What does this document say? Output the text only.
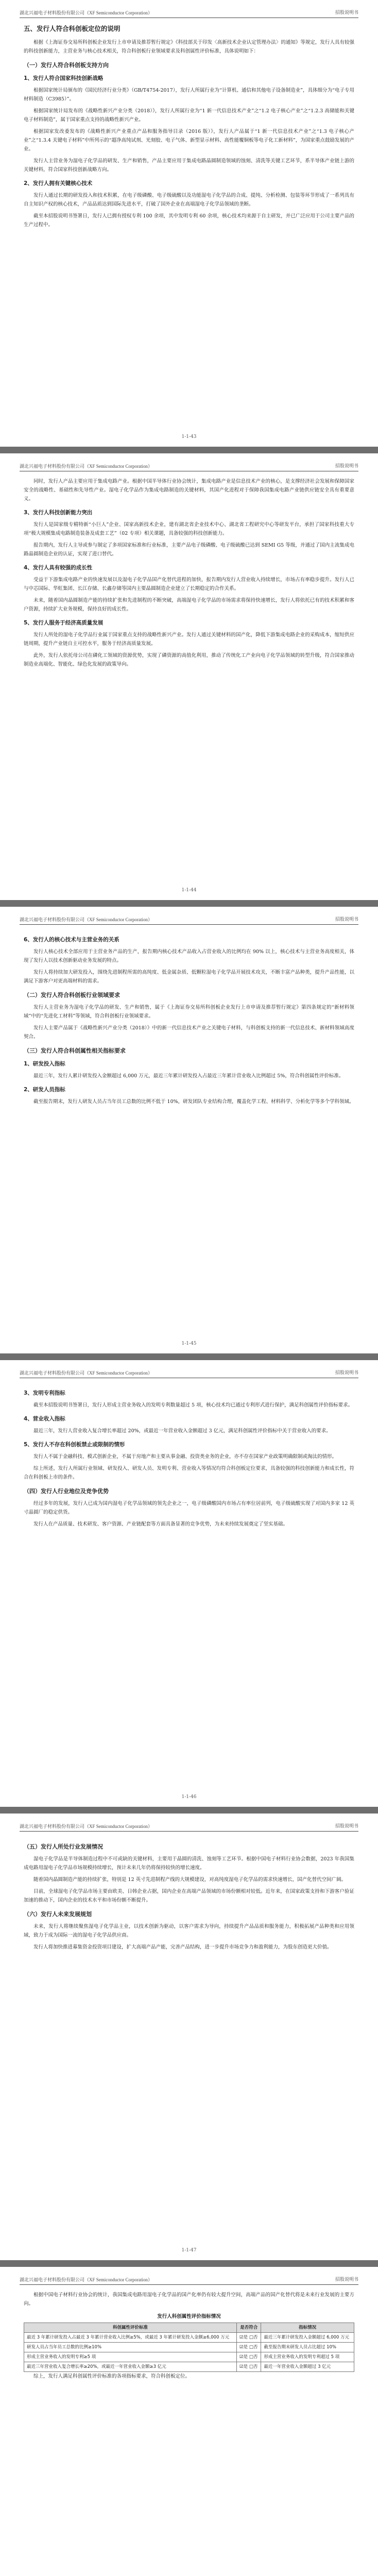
湖北兴福电子材料股份有限公司（XF Semiconductor Corporation）	招股说明书
五、发行人符合科创板定位的说明
根据《上海证券交易所科创板企业发行上市申请及推荐暂行规定》《科技部关于印发〈高新技术企业认定管理办法〉的通知》等规定，发行人具有较强的科技创新能力，主营业务与核心技术相关，符合科创板行业领域要求及科创属性评价标准，具体说明如下：
（一）发行人符合科创板支持方向
1、发行人符合国家科技创新战略
根据国家统计局颁布的《国民经济行业分类》（GB/T4754-2017），发行人所属行业为“计算机、通信和其他电子设备制造业”，具体细分为“电子专用材料制造（C3985）”。
根据国家统计局发布的《战略性新兴产业分类（2018）》，发行人所属行业为“1 新一代信息技术产业”之“1.2 电子核心产业”之“1.2.3 高储能和关键电子材料制造”，属于国家重点支持的战略性新兴产业。
根据国家发改委发布的《战略性新兴产业重点产品和服务指导目录（2016 版）》，发行人产品属于“1 新一代信息技术产业”之“1.3 电子核心产业”之“1.3.4 关键电子材料”中所列示的“超净高纯试剂、光刻胶、电子气体、新型显示材料、高性能覆铜板等电子化工新材料”，为国家重点鼓励发展的产业。
发行人主营业务为湿电子化学品的研发、生产和销售，产品主要应用于集成电路晶圆制造领域的蚀刻、清洗等关键工艺环节，系半导体产业链上游的关键材料，符合国家科技创新战略方向。
2、发行人拥有关键核心技术
发行人通过长期的研发投入和技术积累，在电子级磷酸、电子级硫酸以及功能湿电子化学品的合成、提纯、分析检测、包装等环节形成了一系列具有自主知识产权的核心技术，产品品质达到国际先进水平，打破了国外企业在高端湿电子化学品领域的垄断。
截至本招股说明书签署日，发行人已拥有授权专利 100 余项，其中发明专利 60 余项，核心技术均来源于自主研发，并已广泛应用于公司主要产品的生产过程中。
1-1-43
湖北兴福电子材料股份有限公司（XF Semiconductor Corporation）	招股说明书
同时，发行人产品主要应用于集成电路产业。根据中国半导体行业协会统计，集成电路产业是信息技术产业的核心，是支撑经济社会发展和保障国家安全的战略性、基础性和先导性产业。湿电子化学品作为集成电路制造的关键材料，其国产化进程对于保障我国集成电路产业链供应链安全具有重要意义。
3、发行人科技创新能力突出
发行人是国家级专精特新“小巨人”企业、国家高新技术企业，建有湖北省企业技术中心、湖北省工程研究中心等研发平台，承担了国家科技重大专项“极大规模集成电路制造装备及成套工艺”（02 专项）相关课题，具备较强的科技创新能力。
报告期内，发行人主导或参与制定了多项国家标准和行业标准，主要产品电子级磷酸、电子级硫酸已达到 SEMI G5 等级，并通过了国内主流集成电路晶圆制造企业的认证，实现了进口替代。
4、发行人具有较强的成长性
受益于下游集成电路产业的快速发展以及湿电子化学品国产化替代进程的加快，报告期内发行人营业收入持续增长，市场占有率稳步提升。发行人已与中芯国际、华虹集团、长江存储、长鑫存储等国内主要晶圆制造企业建立了长期稳定的合作关系。
未来，随着国内晶圆制造产能的持续扩张和先进制程的不断突破，高端湿电子化学品的市场需求将保持快速增长，发行人将依托已有的技术积累和客户资源，持续扩大业务规模，保持良好的成长性。
5、发行人服务于经济高质量发展
发行人所处的湿电子化学品行业属于国家重点支持的战略性新兴产业。发行人通过关键材料的国产化，降低下游集成电路企业的采购成本，缩短供应链周期，提升产业链自主可控水平，服务于经济高质量发展。
此外，发行人依托母公司在磷化工领域的资源优势，实现了磷资源的高值化利用，推动了传统化工产业向电子化学品领域的转型升级，符合国家推动制造业高端化、智能化、绿色化发展的政策导向。
1-1-44
湖北兴福电子材料股份有限公司（XF Semiconductor Corporation）	招股说明书
6、发行人的核心技术与主营业务的关系
发行人核心技术全部应用于主营业务产品的生产，报告期内核心技术产品收入占营业收入的比例均在 90% 以上，核心技术与主营业务高度相关，体现了发行人以技术创新驱动业务发展的特点。
发行人将持续加大研发投入，围绕先进制程所需的高纯度、低金属杂质、低颗粒湿电子化学品开展技术攻关，不断丰富产品种类，提升产品性能，以满足下游客户对更高端材料的需求。
（二）发行人符合科创板行业领域要求
发行人主营业务为湿电子化学品的研发、生产和销售，属于《上海证券交易所科创板企业发行上市申请及推荐暂行规定》第四条规定的“新材料领域”中的“先进化工材料”等领域，符合科创板行业领域要求。
发行人主要产品属于《战略性新兴产业分类（2018）》中的新一代信息技术产业之关键电子材料，与科创板支持的新一代信息技术、新材料领域高度契合。
（三）发行人符合科创属性相关指标要求
1、研发投入指标
最近三年，发行人累计研发投入金额超过 6,000 万元，最近三年累计研发投入占最近三年累计营业收入比例超过 5%，符合科创属性评价标准。
2、研发人员指标
截至报告期末，发行人研发人员占当年员工总数的比例不低于 10%，研发团队专业结构合理，覆盖化学工程、材料科学、分析化学等多个学科领域。
1-1-45
湖北兴福电子材料股份有限公司（XF Semiconductor Corporation）	招股说明书
3、发明专利指标
截至本招股说明书签署日，发行人形成主营业务收入的发明专利数量超过 5 项，核心技术均已通过专利形式进行保护，满足科创属性评价指标要求。
4、营业收入指标
最近三年，发行人营业收入复合增长率超过 20%，或最近一年营业收入金额超过 3 亿元，满足科创属性评价指标中关于营业收入的要求。
5、发行人不存在科创板禁止或限制的情形
发行人不属于金融科技、模式创新企业，不属于房地产和主要从事金融、投资类业务的企业，亦不存在国家产业政策明确限制或淘汰的情形。
综上所述，发行人所属行业领域、研发投入、研发人员、发明专利、营业收入等情况均符合科创板定位要求，具备较强的科技创新能力和成长性，符合在科创板上市的条件。
（四）发行人行业地位及竞争优势
经过多年的发展，发行人已成为国内湿电子化学品领域的领先企业之一，电子级磷酸国内市场占有率位居前列，电子级硫酸实现了对国内多家 12 英寸晶圆厂的稳定供货。
发行人在产品质量、技术研发、客户资源、产业链配套等方面具备显著的竞争优势，为未来持续发展奠定了坚实基础。
1-1-46
湖北兴福电子材料股份有限公司（XF Semiconductor Corporation）	招股说明书
（五）发行人所处行业发展情况
湿电子化学品是半导体制造过程中不可或缺的关键材料，主要用于晶圆的清洗、蚀刻等工艺环节。根据中国电子材料行业协会数据，2023 年我国集成电路用湿电子化学品市场规模持续增长，预计未来几年仍将保持较快的增长速度。
随着国内晶圆制造产能的持续扩张，特别是 12 英寸先进制程产线的大规模建设，对高纯度湿电子化学品的需求快速增长，国产化替代空间广阔。
目前，全球湿电子化学品市场主要由欧美、日韩企业占据，国内企业在高端产品领域的市场份额相对较低。近年来，在国家政策支持和下游客户验证加速的推动下，国内企业的技术水平和市场份额不断提升。
（六）发行人未来发展规划
未来，发行人将继续聚焦湿电子化学品主业，以技术创新为驱动，以客户需求为导向，持续提升产品品质和服务能力，积极拓展产品种类和应用领域，致力于成为国际一流的湿电子化学品供应商。
发行人将加快推进募集资金投资项目建设，扩大高端产品产能，完善产品结构，进一步提升市场竞争力和盈利能力，为股东创造更大价值。
1-1-47
湖北兴福电子材料股份有限公司（XF Semiconductor Corporation）	招股说明书
根据中国电子材料行业协会的统计，我国集成电路用湿电子化学品的国产化率仍有较大提升空间，高端产品的国产化替代将是未来行业发展的主要方向。
发行人科创属性评价指标情况
科创属性评价标准	是否符合	指标情况
最近 3 年累计研发投入占最近 3 年累计营业收入比例≥5%，或最近 3 年累计研发投入金额≥6,000 万元	☑是 □否	最近三年累计研发投入金额超过 6,000 万元
研发人员占当年员工总数的比例≥10%	☑是 □否	截至报告期末研发人员占比超过 10%
形成主营业务收入的发明专利≥5 项	☑是 □否	形成主营业务收入的发明专利超过 5 项
最近三年营业收入复合增长率≥20%，或最近一年营业收入金额≥3 亿元	☑是 □否	最近一年营业收入金额超过 3 亿元
综上，发行人满足科创属性评价标准的各项指标要求，符合科创板定位。
